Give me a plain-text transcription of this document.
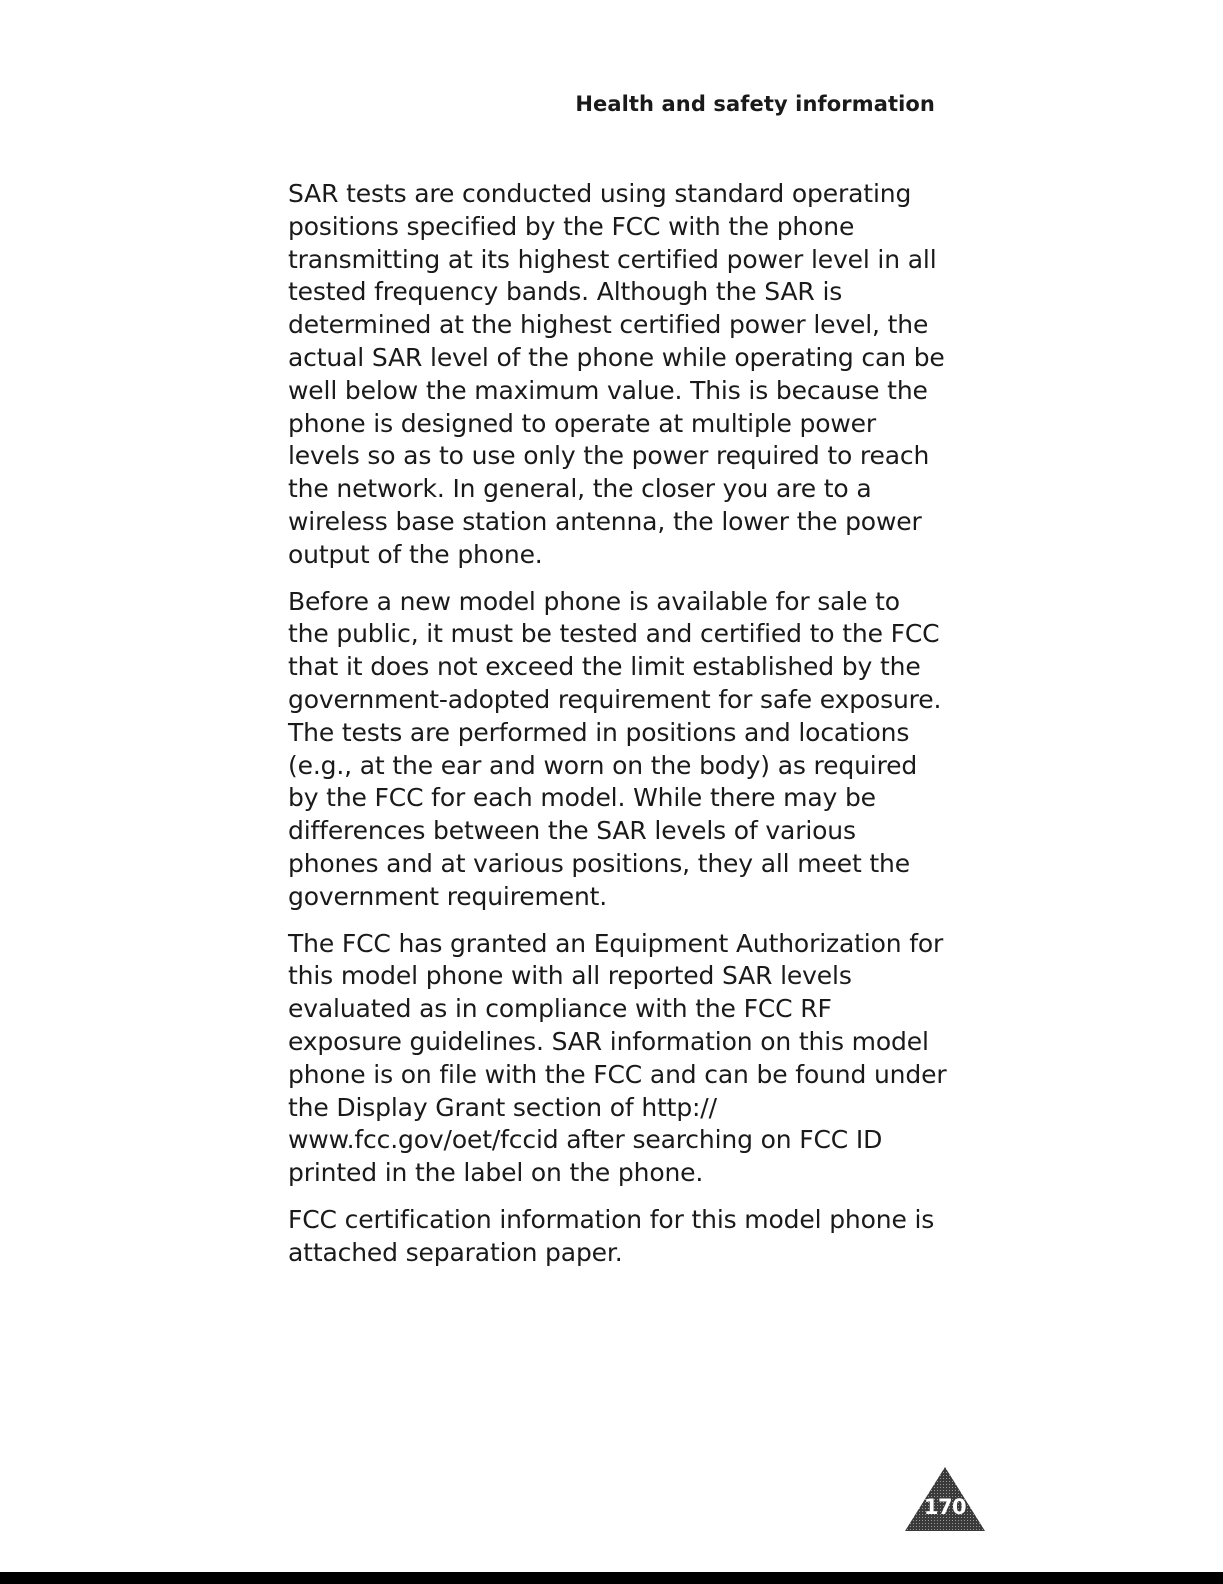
Health and safety information

SAR tests are conducted using standard operating positions specified by the FCC with the phone transmitting at its highest certified power level in all tested frequency bands. Although the SAR is determined at the highest certified power level, the actual SAR level of the phone while operating can be well below the maximum value. This is because the phone is designed to operate at multiple power levels so as to use only the power required to reach the network. In general, the closer you are to a wireless base station antenna, the lower the power output of the phone.

Before a new model phone is available for sale to the public, it must be tested and certified to the FCC that it does not exceed the limit established by the government-adopted requirement for safe exposure. The tests are performed in positions and locations (e.g., at the ear and worn on the body) as required by the FCC for each model. While there may be differences between the SAR levels of various phones and at various positions, they all meet the government requirement.

The FCC has granted an Equipment Authorization for this model phone with all reported SAR levels evaluated as in compliance with the FCC RF exposure guidelines. SAR information on this model phone is on file with the FCC and can be found under the Display Grant section of http:// www.fcc.gov/oet/fccid after searching on FCC ID printed in the label on the phone.

FCC certification information for this model phone is attached separation paper.

170
